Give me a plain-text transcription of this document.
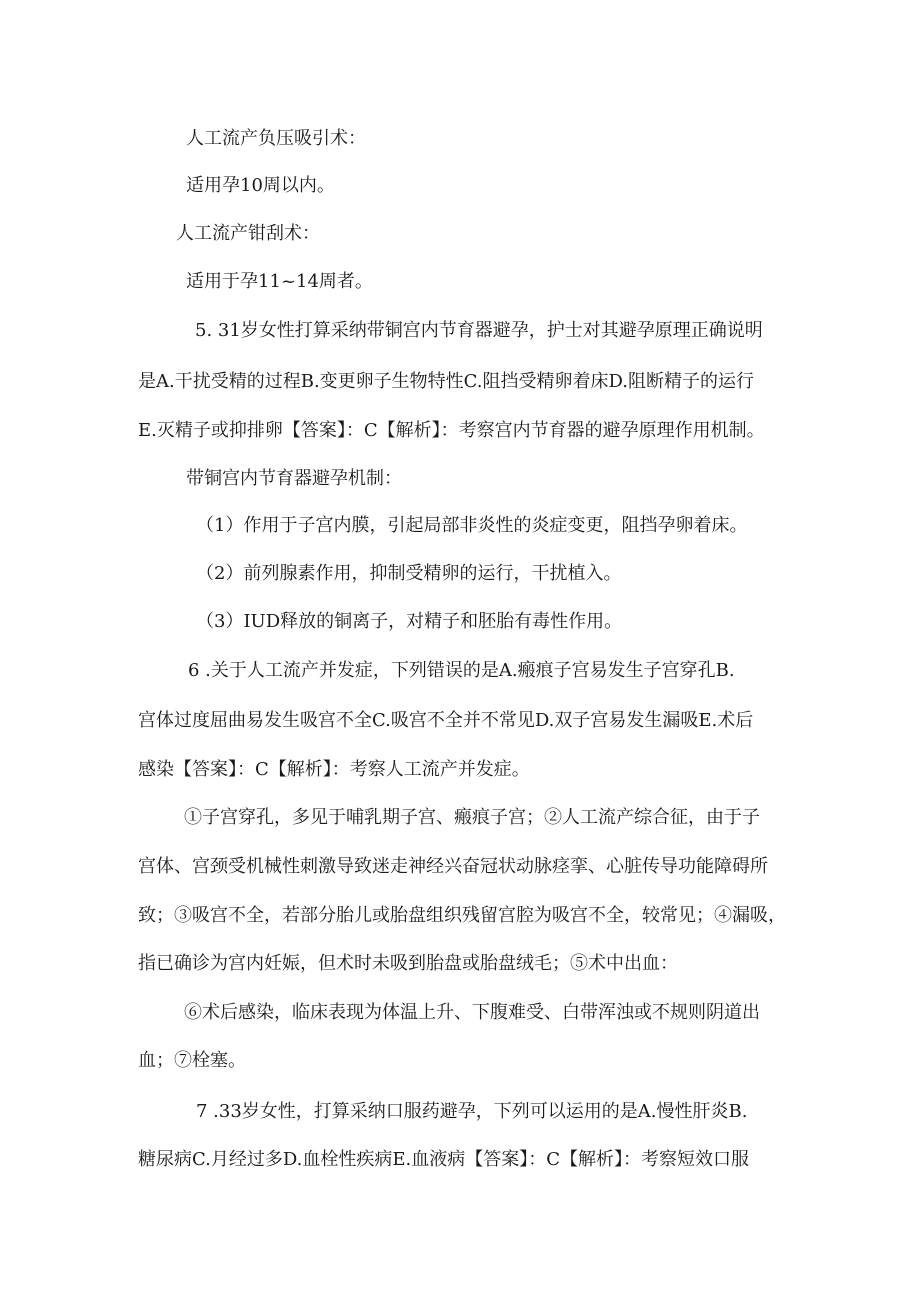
人工流产负压吸引术：
适用孕10周以内。
人工流产钳刮术：
适用于孕11~14周者。
5. 31岁女性打算采纳带铜宫内节育器避孕，护士对其避孕原理正确说明
是A.干扰受精的过程B.变更卵子生物特性C.阻挡受精卵着床D.阻断精子的运行
E.灭精子或抑排卵【答案】：C【解析】：考察宫内节育器的避孕原理作用机制。
带铜宫内节育器避孕机制：
（1）作用于子宫内膜，引起局部非炎性的炎症变更，阻挡孕卵着床。
（2）前列腺素作用，抑制受精卵的运行，干扰植入。
（3）IUD释放的铜离子，对精子和胚胎有毒性作用。
6 .关于人工流产并发症，下列错误的是A.瘢痕子宫易发生子宫穿孔B.
宫体过度屈曲易发生吸宫不全C.吸宫不全并不常见D.双子宫易发生漏吸E.术后
感染【答案】：C【解析】：考察人工流产并发症。
①子宫穿孔，多见于哺乳期子宫、瘢痕子宫；②人工流产综合征，由于子
宫体、宫颈受机械性刺激导致迷走神经兴奋冠状动脉痉挛、心脏传导功能障碍所
致；③吸宫不全，若部分胎儿或胎盘组织残留宫腔为吸宫不全，较常见；④漏吸，
指已确诊为宫内妊娠，但术时未吸到胎盘或胎盘绒毛；⑤术中出血：
⑥术后感染，临床表现为体温上升、下腹难受、白带浑浊或不规则阴道出
血；⑦栓塞。
7 .33岁女性，打算采纳口服药避孕，下列可以运用的是A.慢性肝炎B.
糖尿病C.月经过多D.血栓性疾病E.血液病【答案】：C【解析】：考察短效口服
